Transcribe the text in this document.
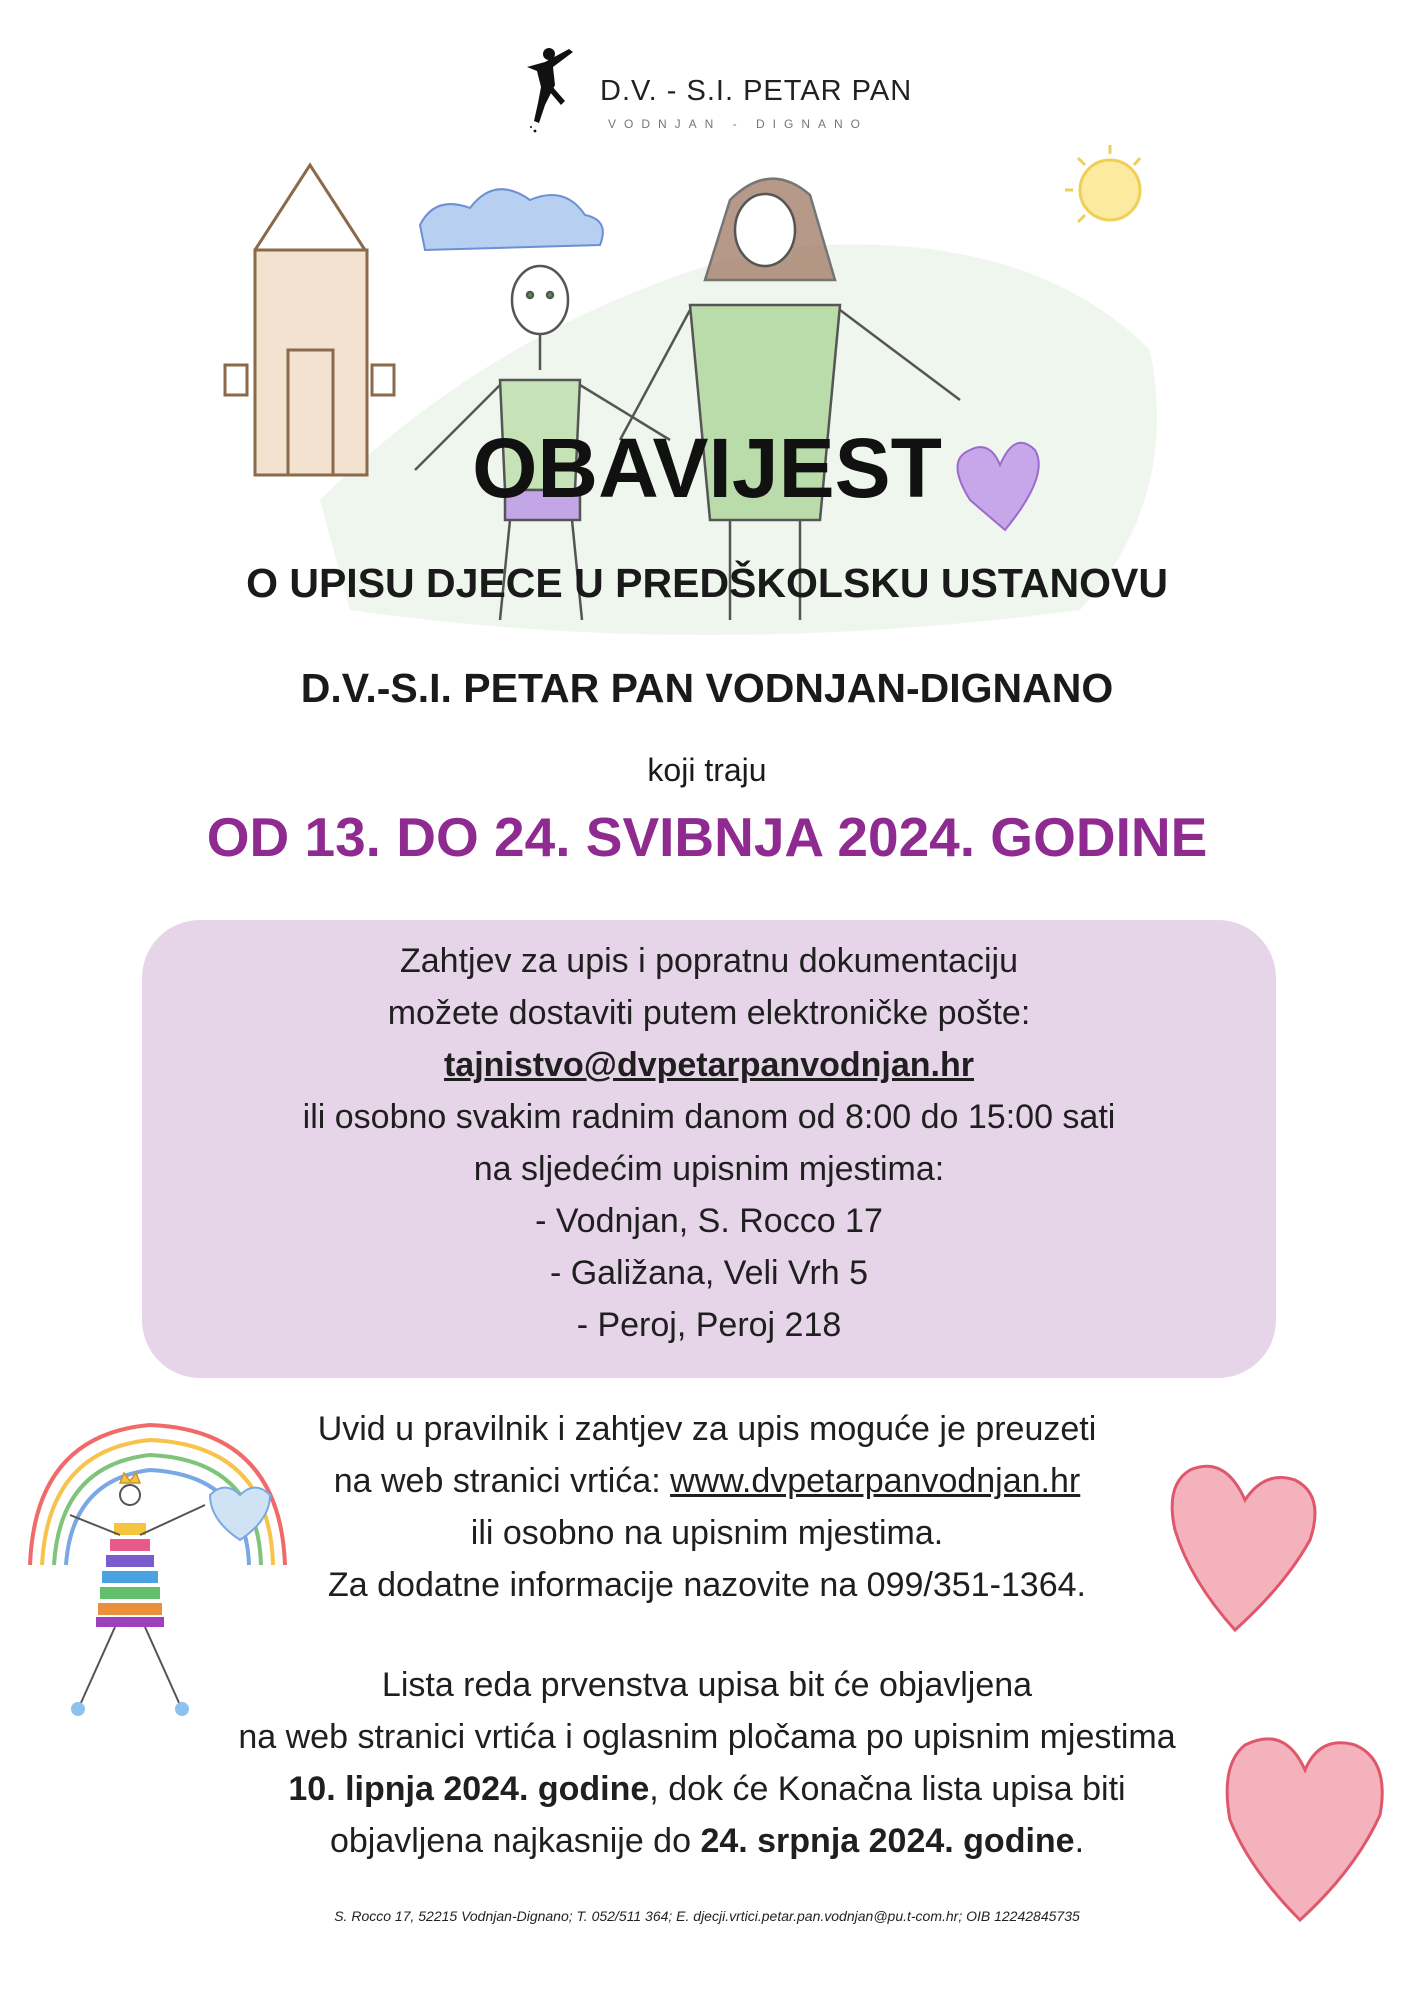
D.V. - S.I. PETAR PAN
VODNJAN - DIGNANO
OBAVIJEST
O UPISU DJECE U PREDŠKOLSKU USTANOVU
D.V.-S.I. PETAR PAN VODNJAN-DIGNANO
koji traju
OD 13. DO 24. SVIBNJA 2024. GODINE
Zahtjev za upis i popratnu dokumentaciju
možete dostaviti putem elektroničke pošte:
tajnistvo@dvpetarpanvodnjan.hr
ili osobno svakim radnim danom od 8:00 do 15:00 sati
na sljedećim upisnim mjestima:
- Vodnjan, S. Rocco 17
- Galižana, Veli Vrh 5
- Peroj, Peroj 218
Uvid u pravilnik i zahtjev za upis moguće je preuzeti
na web stranici vrtića: www.dvpetarpanvodnjan.hr
ili osobno na upisnim mjestima.
Za dodatne informacije nazovite na 099/351-1364.
Lista reda prvenstva upisa bit će objavljena
na web stranici vrtića i oglasnim pločama po upisnim mjestima
10. lipnja 2024. godine, dok će Konačna lista upisa biti
objavljena najkasnije do 24. srpnja 2024. godine.
S. Rocco 17, 52215 Vodnjan-Dignano; T. 052/511 364; E. djecji.vrtici.petar.pan.vodnjan@pu.t-com.hr; OIB 12242845735
